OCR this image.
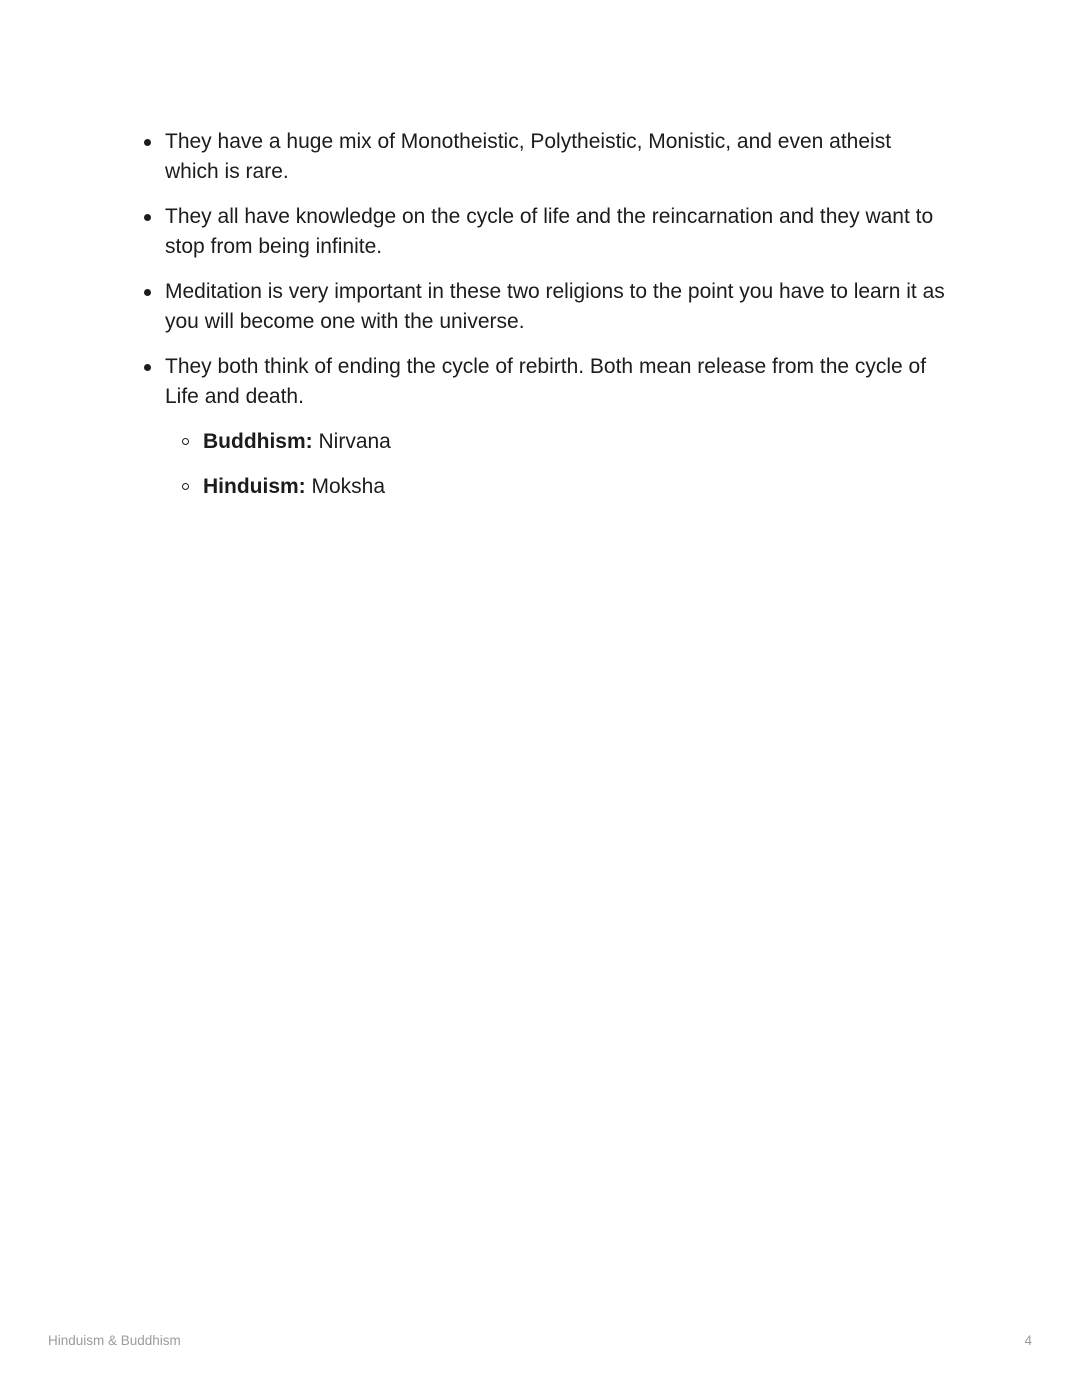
They have a huge mix of Monotheistic, Polytheistic, Monistic, and even atheist
which is rare.
They all have knowledge on the cycle of life and the reincarnation and they want to
stop from being infinite.
Meditation is very important in these two religions to the point you have to learn it as
you will become one with the universe.
They both think of ending the cycle of rebirth. Both mean release from the cycle of
Life and death.
Buddhism: Nirvana
Hinduism: Moksha
Hinduism & Buddhism	4
